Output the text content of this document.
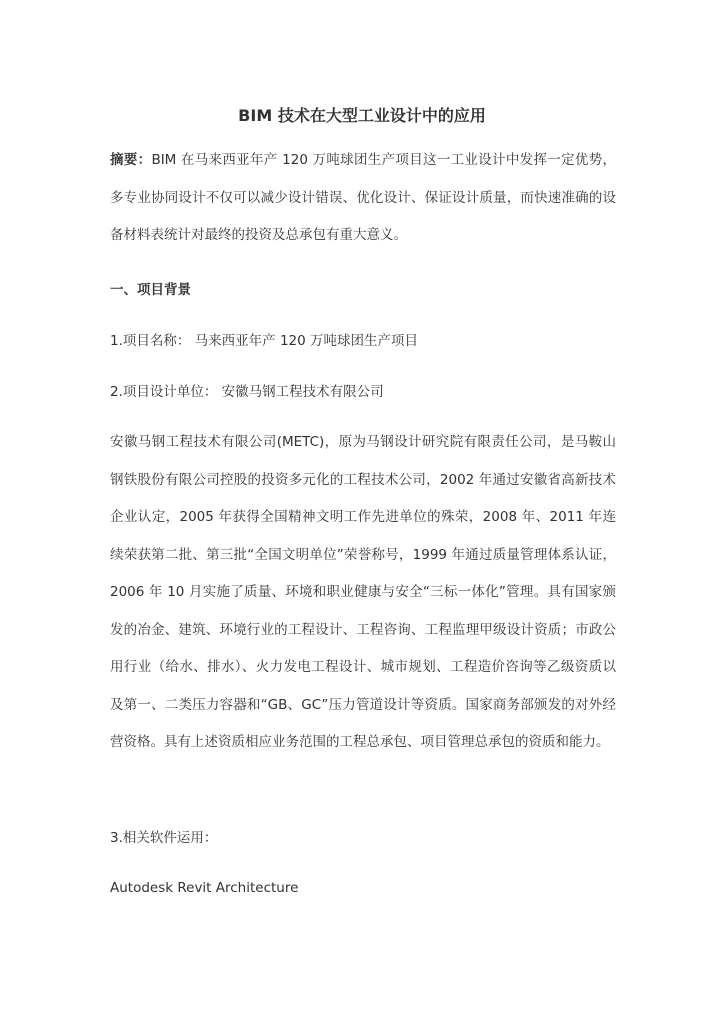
BIM 技术在大型工业设计中的应用
摘要：BIM 在马来西亚年产 120 万吨球团生产项目这一工业设计中发挥一定优势，多专业协同设计不仅可以减少设计错误、优化设计、保证设计质量，而快速准确的设备材料表统计对最终的投资及总承包有重大意义。
一、项目背景
1.项目名称： 马来西亚年产 120 万吨球团生产项目
2.项目设计单位： 安徽马钢工程技术有限公司
安徽马钢工程技术有限公司(METC)，原为马钢设计研究院有限责任公司，是马鞍山钢铁股份有限公司控股的投资多元化的工程技术公司，2002 年通过安徽省高新技术企业认定，2005 年获得全国精神文明工作先进单位的殊荣，2008 年、2011 年连续荣获第二批、第三批“全国文明单位”荣誉称号，1999 年通过质量管理体系认证，2006 年 10 月实施了质量、环境和职业健康与安全“三标一体化”管理。具有国家颁发的冶金、建筑、环境行业的工程设计、工程咨询、工程监理甲级设计资质；市政公用行业（给水、排水）、火力发电工程设计、城市规划、工程造价咨询等乙级资质以及第一、二类压力容器和“GB、GC”压力管道设计等资质。国家商务部颁发的对外经营资格。具有上述资质相应业务范围的工程总承包、项目管理总承包的资质和能力。
3.相关软件运用：
Autodesk Revit Architecture
